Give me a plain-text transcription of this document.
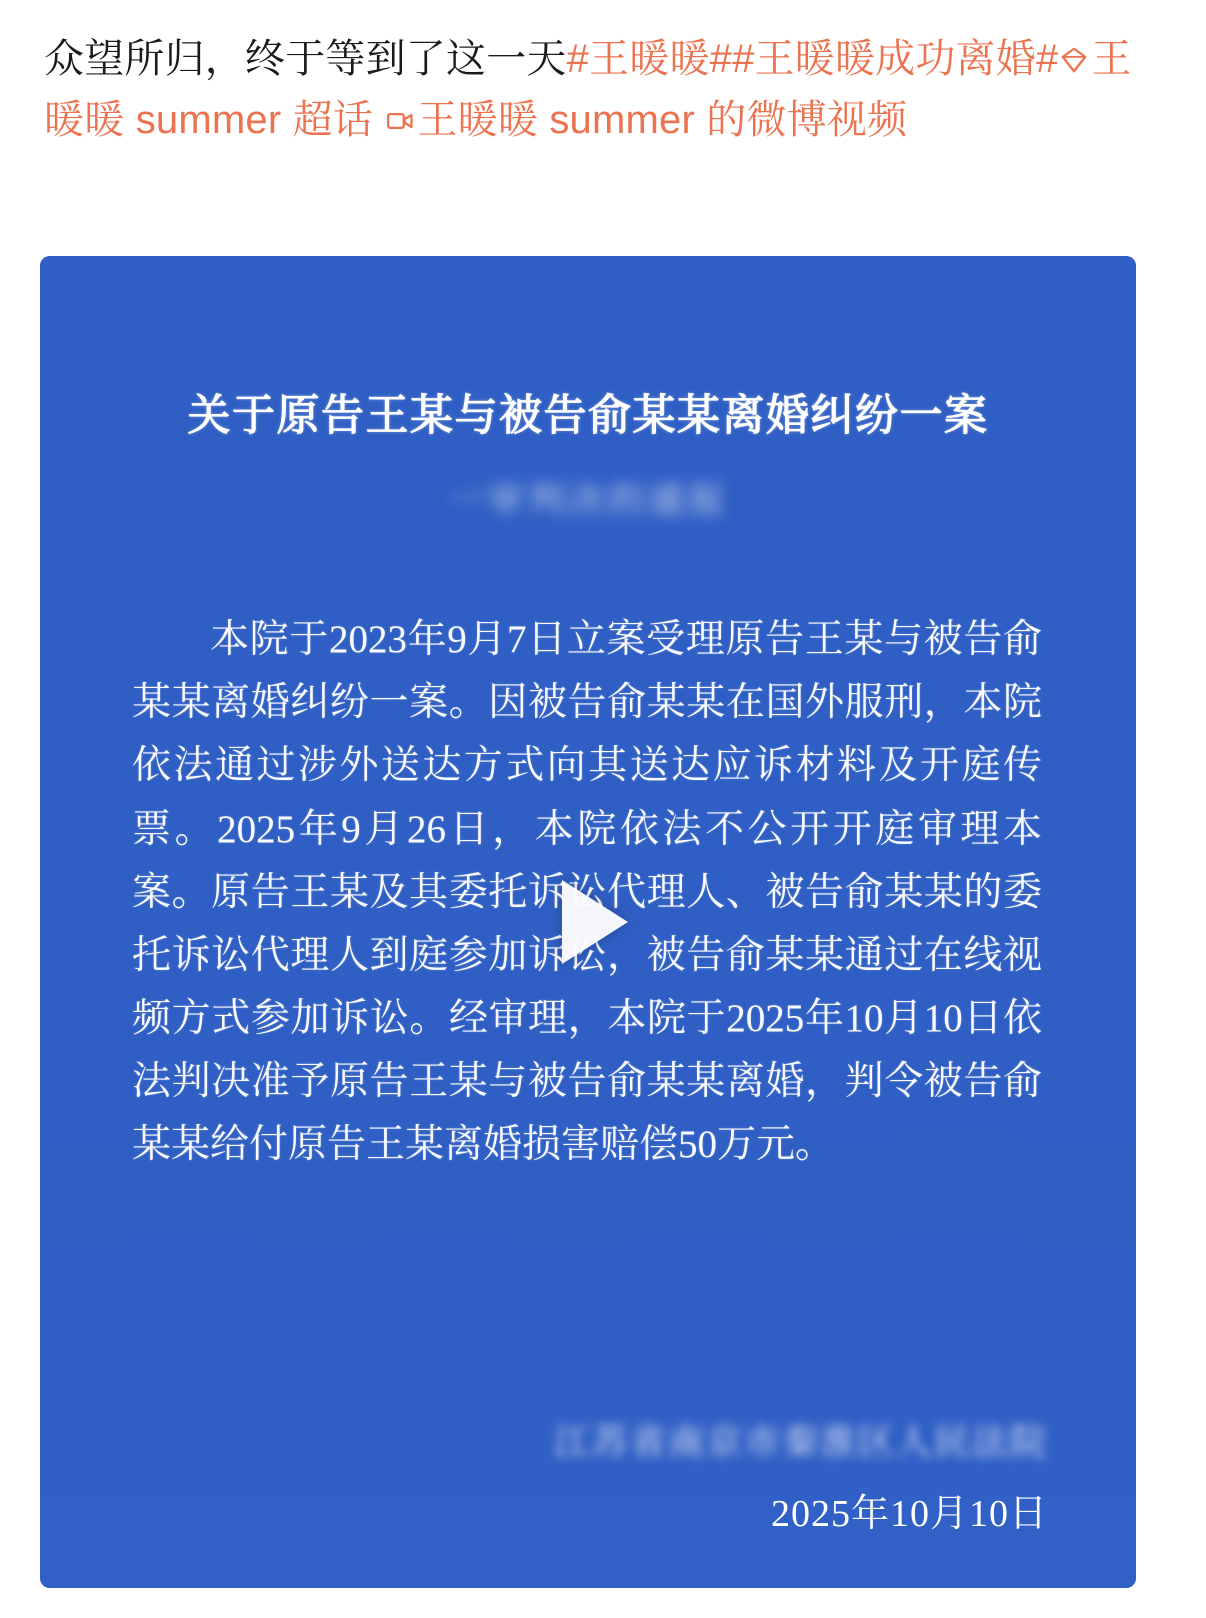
众望所归，终于等到了这一天#王暖暖##王暖暖成功离婚# 王暖暖 summer 超话 王暖暖 summer 的微博视频
关于原告王某与被告俞某某离婚纠纷一案
一审判决的通报
本院于2023年9月7日立案受理原告王某与被告俞某某离婚纠纷一案。因被告俞某某在国外服刑，本院依法通过涉外送达方式向其送达应诉材料及开庭传票。2025年9月26日，本院依法不公开开庭审理本案。原告王某及其委托诉讼代理人、被告俞某某的委托诉讼代理人到庭参加诉讼，被告俞某某通过在线视频方式参加诉讼。经审理，本院于2025年10月10日依法判决准予原告王某与被告俞某某离婚，判令被告俞某某给付原告王某离婚损害赔偿50万元。
江苏省南京市秦淮区人民法院
2025年10月10日
